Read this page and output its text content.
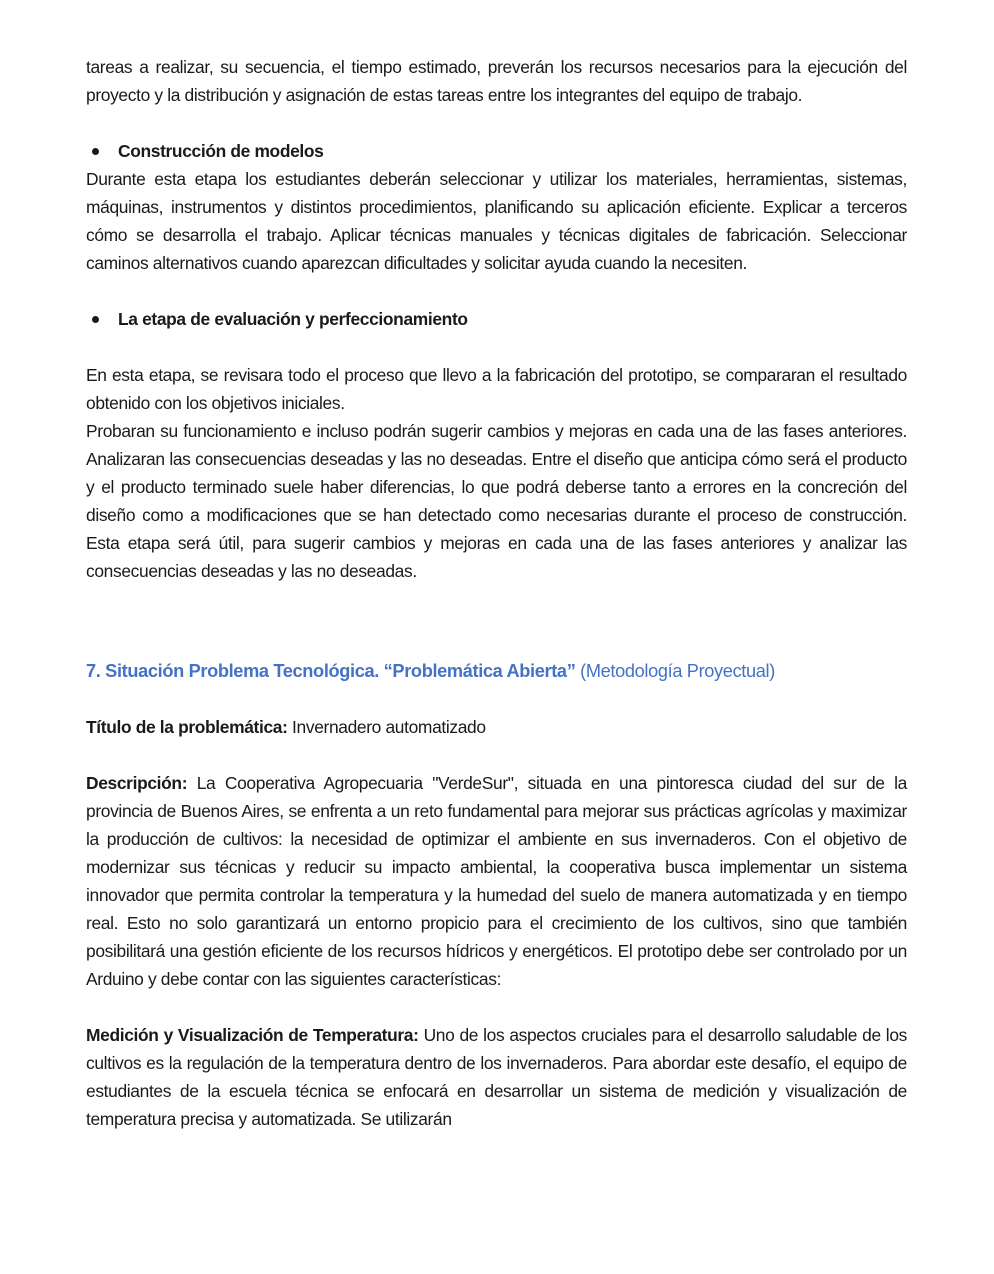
tareas a realizar, su secuencia, el tiempo estimado, preverán los recursos necesarios para la ejecución del proyecto y la distribución y asignación de estas tareas entre los integrantes del equipo de trabajo.

Construcción de modelos

Durante esta etapa los estudiantes deberán seleccionar y utilizar los materiales, herramientas, sistemas, máquinas, instrumentos y distintos procedimientos, planificando su aplicación eficiente. Explicar a terceros cómo se desarrolla el trabajo. Aplicar técnicas manuales y técnicas digitales de fabricación. Seleccionar caminos alternativos cuando aparezcan dificultades y solicitar ayuda cuando la necesiten.

La etapa de evaluación y perfeccionamiento

En esta etapa, se revisara todo el proceso que llevo a la fabricación del prototipo, se compararan el resultado obtenido con los objetivos iniciales.

Probaran su funcionamiento e incluso podrán sugerir cambios y mejoras en cada una de las fases anteriores. Analizaran las consecuencias deseadas y las no deseadas. Entre el diseño que anticipa cómo será el producto y el producto terminado suele haber diferencias, lo que podrá deberse tanto a errores en la concreción del diseño como a modificaciones que se han detectado como necesarias durante el proceso de construcción. Esta etapa será útil, para sugerir cambios y mejoras en cada una de las fases anteriores y analizar las consecuencias deseadas y las no deseadas.

7. Situación Problema Tecnológica. “Problemática Abierta” (Metodología Proyectual)

Título de la problemática: Invernadero automatizado

Descripción: La Cooperativa Agropecuaria "VerdeSur", situada en una pintoresca ciudad del sur de la provincia de Buenos Aires, se enfrenta a un reto fundamental para mejorar sus prácticas agrícolas y maximizar la producción de cultivos: la necesidad de optimizar el ambiente en sus invernaderos. Con el objetivo de modernizar sus técnicas y reducir su impacto ambiental, la cooperativa busca implementar un sistema innovador que permita controlar la temperatura y la humedad del suelo de manera automatizada y en tiempo real. Esto no solo garantizará un entorno propicio para el crecimiento de los cultivos, sino que también posibilitará una gestión eficiente de los recursos hídricos y energéticos. El prototipo debe ser controlado por un Arduino y debe contar con las siguientes características:

Medición y Visualización de Temperatura: Uno de los aspectos cruciales para el desarrollo saludable de los cultivos es la regulación de la temperatura dentro de los invernaderos. Para abordar este desafío, el equipo de estudiantes de la escuela técnica se enfocará en desarrollar un sistema de medición y visualización de temperatura precisa y automatizada. Se utilizarán
